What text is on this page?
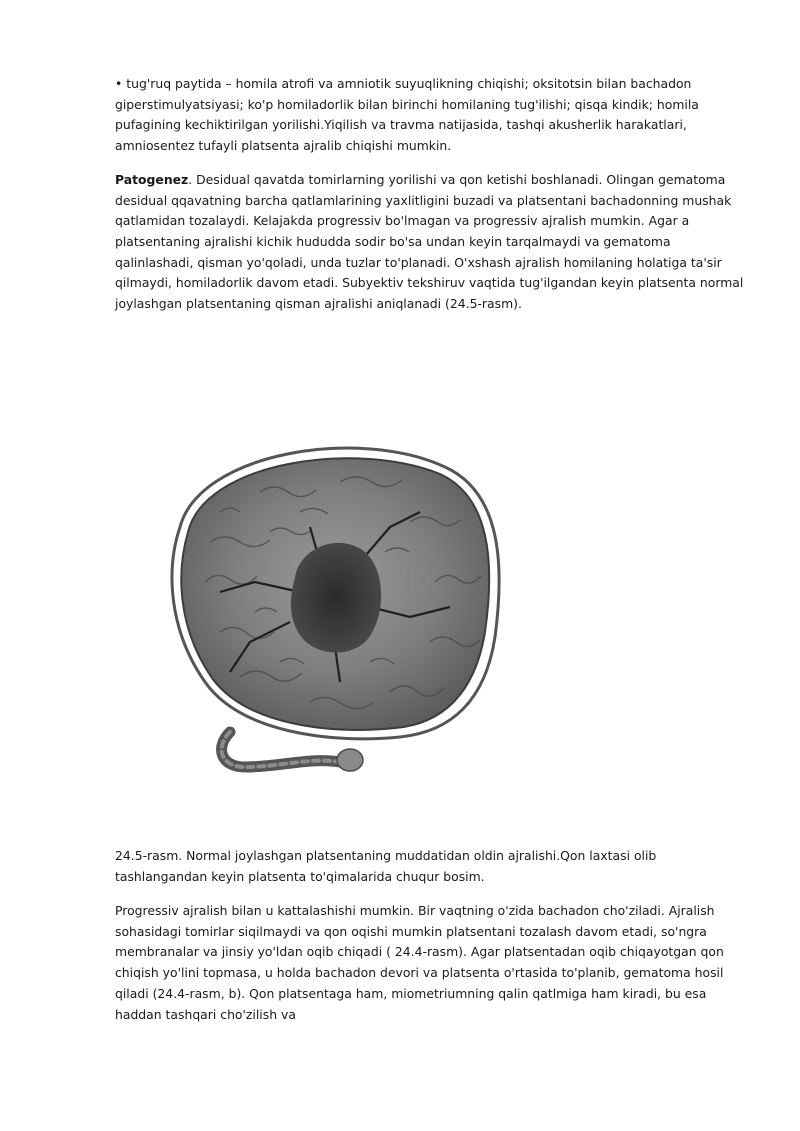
• tug'ruq paytida – homila atrofi va amniotik suyuqlikning chiqishi; oksitotsin bilan bachadon giperstimulyatsiyasi; ko'p homiladorlik bilan birinchi homilaning tug'ilishi; qisqa kindik; homila pufagining kechiktirilgan yorilishi.Yiqilish va travma natijasida, tashqi akusherlik harakatlari, amniosentez tufayli platsenta ajralib chiqishi mumkin.

Patogenez. Desidual qavatda tomirlarning yorilishi va qon ketishi boshlanadi. Olingan gematoma desidual qqavatning barcha qatlamlarining yaxlitligini buzadi va platsentani bachadonning mushak qatlamidan tozalaydi. Kelajakda progressiv bo'lmagan va progressiv ajralish mumkin. Agar a platsentaning ajralishi kichik hududda sodir bo'sa undan keyin tarqalmaydi va gematoma qalinlashadi, qisman yo'qoladi, unda tuzlar to'planadi. O'xshash ajralish homilaning holatiga ta'sir qilmaydi, homiladorlik davom etadi. Subyektiv tekshiruv vaqtida tug'ilgandan keyin platsenta normal joylashgan platsentaning qisman ajralishi aniqlanadi (24.5-rasm).

24.5-rasm. Normal joylashgan platsentaning muddatidan oldin ajralishi.Qon laxtasi olib tashlangandan keyin platsenta to'qimalarida chuqur bosim.

Progressiv ajralish bilan u kattalashishi mumkin. Bir vaqtning o'zida bachadon cho'ziladi. Ajralish sohasidagi tomirlar siqilmaydi va qon oqishi mumkin platsentani tozalash davom etadi, so'ngra membranalar va jinsiy yo'ldan oqib chiqadi ( 24.4-rasm). Agar platsentadan oqib chiqayotgan qon chiqish yo'lini topmasa, u holda bachadon devori va platsenta o'rtasida to'planib, gematoma hosil qiladi (24.4-rasm, b). Qon platsentaga ham, miometriumning qalin qatlmiga ham kiradi, bu esa haddan tashqari cho'zilish va
